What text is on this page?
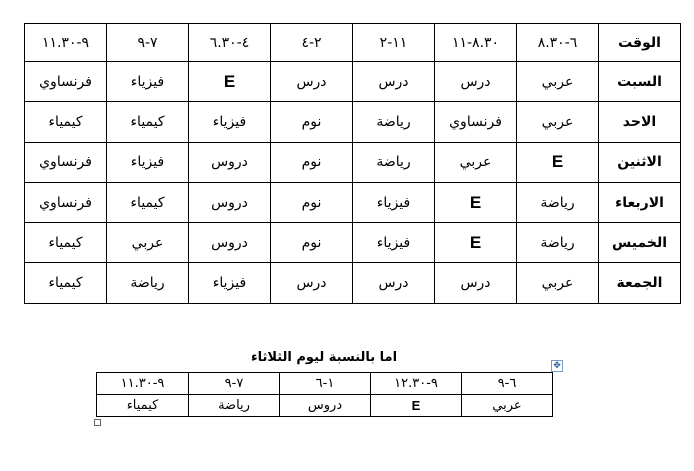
الوقت	٦-٨.٣٠	٨.٣٠-١١	١١-٢	٢-٤	٤-٦.٣٠	٧-٩	٩-١١.٣٠
السبت	عربي	درس	درس	درس	E	فيزياء	فرنساوي
الاحد	عربي	فرنساوي	رياضة	نوم	فيزياء	كيمياء	كيمياء
الاثنين	E	عربي	رياضة	نوم	دروس	فيزياء	فرنساوي
الاربعاء	رياضة	E	فيزياء	نوم	دروس	كيمياء	فرنساوي
الخميس	رياضة	E	فيزياء	نوم	دروس	عربي	كيمياء
الجمعة	عربي	درس	درس	درس	فيزياء	رياضة	كيمياء
اما بالنسبة ليوم الثلاثاء
✥
٦-٩	٩-١٢.٣٠	١-٦	٧-٩	٩-١١.٣٠
عربي	E	دروس	رياضة	كيمياء
